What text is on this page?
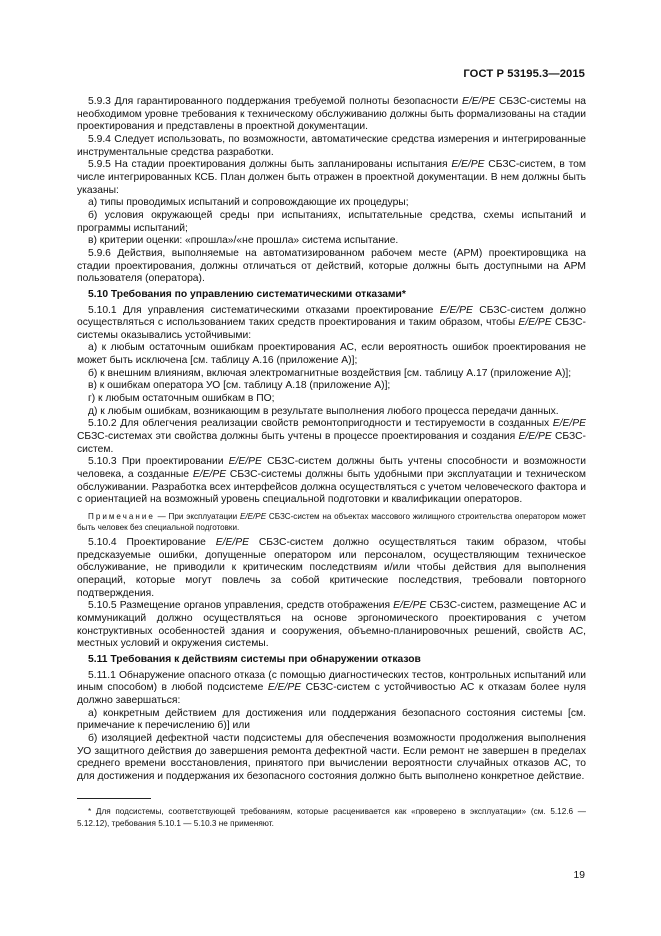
ГОСТ Р 53195.3—2015

5.9.3 Для гарантированного поддержания требуемой полноты безопасности E/E/PE СБЗС-системы на необходимом уровне требования к техническому обслуживанию должны быть формализованы на стадии проектирования и представлены в проектной документации.

5.9.4 Следует использовать, по возможности, автоматические средства измерения и интегрированные инструментальные средства разработки.

5.9.5 На стадии проектирования должны быть запланированы испытания E/E/PE СБЗС-систем, в том числе интегрированных КСБ. План должен быть отражен в проектной документации. В нем должны быть указаны:

а) типы проводимых испытаний и сопровождающие их процедуры;

б) условия окружающей среды при испытаниях, испытательные средства, схемы испытаний и программы испытаний;

в) критерии оценки: «прошла»/«не прошла» система испытание.

5.9.6 Действия, выполняемые на автоматизированном рабочем месте (АРМ) проектировщика на стадии проектирования, должны отличаться от действий, которые должны быть доступными на АРМ пользователя (оператора).

5.10 Требования по управлению систематическими отказами*

5.10.1 Для управления систематическими отказами проектирование E/E/PE СБЗС-систем должно осуществляться с использованием таких средств проектирования и таким образом, чтобы E/E/PE СБЗС-системы оказывались устойчивыми:

а) к любым остаточным ошибкам проектирования АС, если вероятность ошибок проектирования не может быть исключена [см. таблицу А.16 (приложение А)];

б) к внешним влияниям, включая электромагнитные воздействия [см. таблицу А.17 (приложение А)];

в) к ошибкам оператора УО [см. таблицу А.18 (приложение А)];

г) к любым остаточным ошибкам в ПО;

д) к любым ошибкам, возникающим в результате выполнения любого процесса передачи данных.

5.10.2 Для облегчения реализации свойств ремонтопригодности и тестируемости в созданных E/E/PE СБЗС-системах эти свойства должны быть учтены в процессе проектирования и создания E/E/PE СБЗС-систем.

5.10.3 При проектировании E/E/PE СБЗС-систем должны быть учтены способности и возможности человека, а созданные E/E/PE СБЗС-системы должны быть удобными при эксплуатации и техническом обслуживании. Разработка всех интерфейсов должна осуществляться с учетом человеческого фактора и с ориентацией на возможный уровень специальной подготовки и квалификации операторов.

Примечание — При эксплуатации E/E/PE СБЗС-систем на объектах массового жилищного строительства оператором может быть человек без специальной подготовки.

5.10.4 Проектирование E/E/PE СБЗС-систем должно осуществляться таким образом, чтобы предсказуемые ошибки, допущенные оператором или персоналом, осуществляющим техническое обслуживание, не приводили к критическим последствиям и/или чтобы действия для выполнения операций, которые могут повлечь за собой критические последствия, требовали повторного подтверждения.

5.10.5 Размещение органов управления, средств отображения E/E/PE СБЗС-систем, размещение АС и коммуникаций должно осуществляться на основе эргономического проектирования с учетом конструктивных особенностей здания и сооружения, объемно-планировочных решений, свойств АС, местных условий и окружения системы.

5.11 Требования к действиям системы при обнаружении отказов

5.11.1 Обнаружение опасного отказа (с помощью диагностических тестов, контрольных испытаний или иным способом) в любой подсистеме E/E/PE СБЗС-систем с устойчивостью АС к отказам более нуля должно завершаться:

а) конкретным действием для достижения или поддержания безопасного состояния системы [см. примечание к перечислению б)] или

б) изоляцией дефектной части подсистемы для обеспечения возможности продолжения выполнения УО защитного действия до завершения ремонта дефектной части. Если ремонт не завершен в пределах среднего времени восстановления, принятого при вычислении вероятности случайных отказов АС, то для достижения и поддержания их безопасного состояния должно быть выполнено конкретное действие.

* Для подсистемы, соответствующей требованиям, которые расценивается как «проверено в эксплуатации» (см. 5.12.6 — 5.12.12), требования 5.10.1 — 5.10.3 не применяют.

19
